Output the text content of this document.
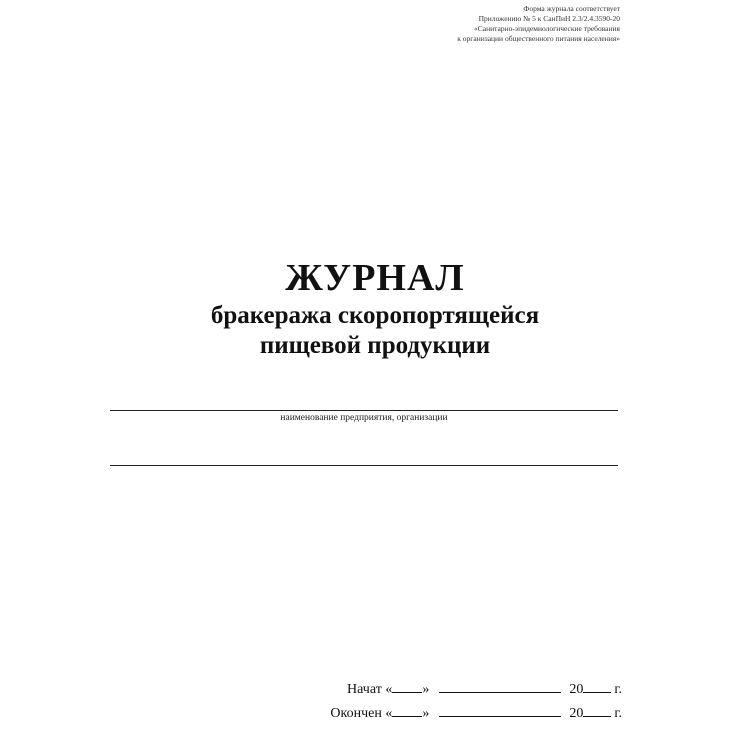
Форма журнала соответствует
Приложению № 5 к СанПиН 2.3/2.4.3590-20
«Санитарно-эпидемиологические требования
к организации общественного питания населения»
ЖУРНАЛ
бракеража скоропортящейся
пищевой продукции
наименование предприятия, организации
Начат « »	20 г.
Окончен « »	20 г.
